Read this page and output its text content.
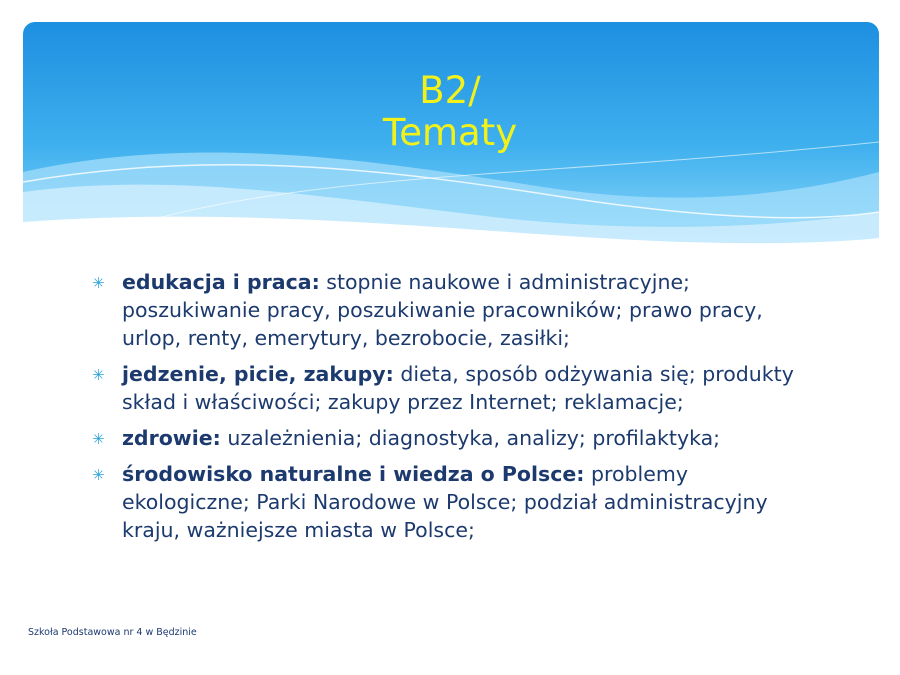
B2/
Tematy
✳ edukacja i praca: stopnie naukowe i administracyjne; poszukiwanie pracy, poszukiwanie pracowników; prawo pracy, urlop, renty, emerytury, bezrobocie, zasiłki;
✳ jedzenie, picie, zakupy: dieta, sposób odżywania się; produkty skład i właściwości; zakupy przez Internet; reklamacje;
✳ zdrowie: uzależnienia; diagnostyka, analizy; profilaktyka;
✳ środowisko naturalne i wiedza o Polsce: problemy ekologiczne; Parki Narodowe w Polsce; podział administracyjny kraju, ważniejsze miasta w Polsce;
Szkoła Podstawowa nr 4 w Będzinie
